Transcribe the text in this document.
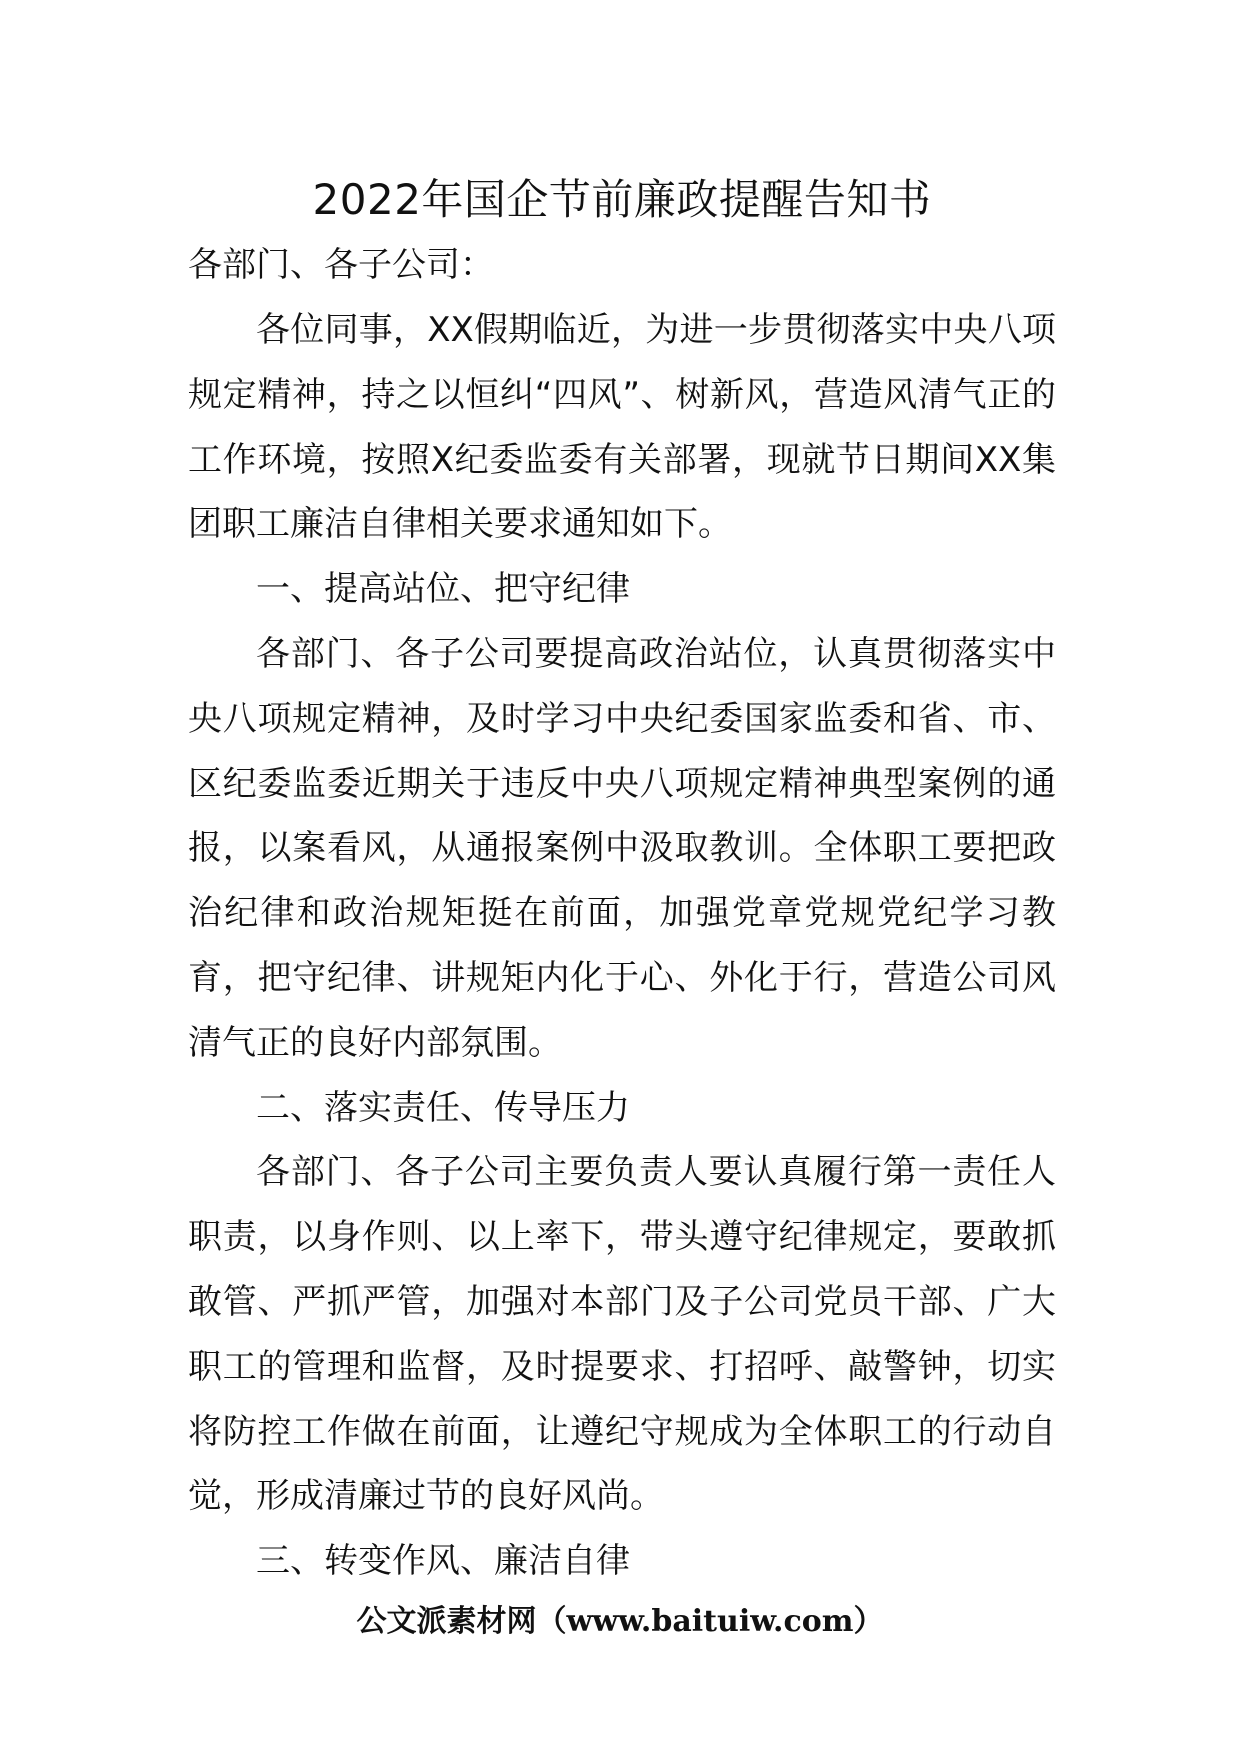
2022年国企节前廉政提醒告知书

各部门、各子公司：

各位同事，XX假期临近，为进一步贯彻落实中央八项规定精神，持之以恒纠“四风”、树新风，营造风清气正的工作环境，按照X纪委监委有关部署，现就节日期间XX集团职工廉洁自律相关要求通知如下。

一、提高站位、把守纪律

各部门、各子公司要提高政治站位，认真贯彻落实中央八项规定精神，及时学习中央纪委国家监委和省、市、区纪委监委近期关于违反中央八项规定精神典型案例的通报，以案看风，从通报案例中汲取教训。全体职工要把政治纪律和政治规矩挺在前面，加强党章党规党纪学习教育，把守纪律、讲规矩内化于心、外化于行，营造公司风清气正的良好内部氛围。

二、落实责任、传导压力

各部门、各子公司主要负责人要认真履行第一责任人职责，以身作则、以上率下，带头遵守纪律规定，要敢抓敢管、严抓严管，加强对本部门及子公司党员干部、广大职工的管理和监督，及时提要求、打招呼、敲警钟，切实将防控工作做在前面，让遵纪守规成为全体职工的行动自觉，形成清廉过节的良好风尚。

三、转变作风、廉洁自律

公文派素材网（www.baituiw.com）
